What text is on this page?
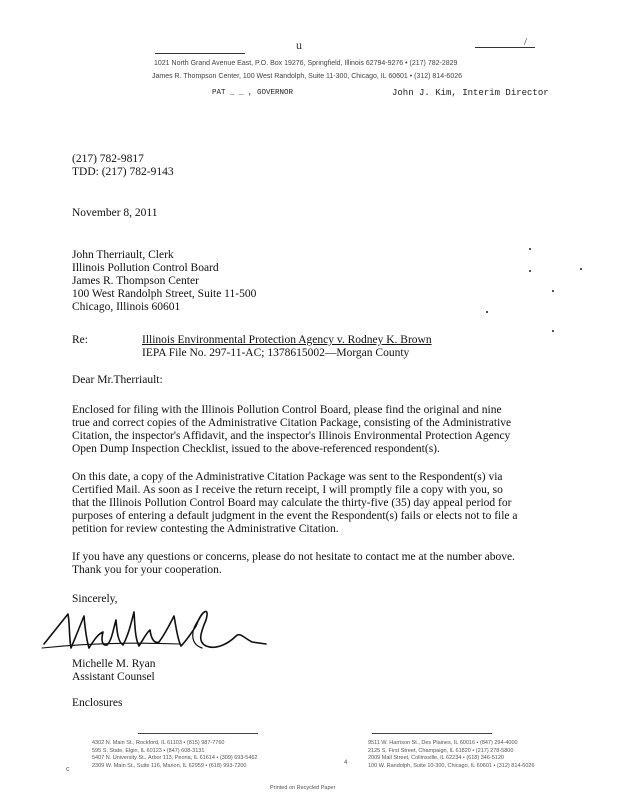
u	/
1021 North Grand Avenue East, P.O. Box 19276, Springfield, Illinois 62794-9276 • (217) 782-2829
James R. Thompson Center, 100 West Randolph, Suite 11-300, Chicago, IL 60601 • (312) 814-6026
PAT _ _ , GOVERNOR	John J. Kim, Interim Director
(217) 782-9817
TDD: (217) 782-9143
November 8, 2011
John Therriault, Clerk
Illinois Pollution Control Board
James R. Thompson Center
100 West Randolph Street, Suite 11-500
Chicago, Illinois 60601
Re:	Illinois Environmental Protection Agency v. Rodney K. Brown
IEPA File No. 297-11-AC; 1378615002—Morgan County
Dear Mr.Therriault:
Enclosed for filing with the Illinois Pollution Control Board, please find the original and nine
true and correct copies of the Administrative Citation Package, consisting of the Administrative
Citation, the inspector's Affidavit, and the inspector's Illinois Environmental Protection Agency
Open Dump Inspection Checklist, issued to the above-referenced respondent(s).
On this date, a copy of the Administrative Citation Package was sent to the Respondent(s) via
Certified Mail. As soon as I receive the return receipt, I will promptly file a copy with you, so
that the Illinois Pollution Control Board may calculate the thirty-five (35) day appeal period for
purposes of entering a default judgment in the event the Respondent(s) fails or elects not to file a
petition for review contesting the Administrative Citation.
If you have any questions or concerns, please do not hesitate to contact me at the number above.
Thank you for your cooperation.
Sincerely,
Michelle M. Ryan
Assistant Counsel
Enclosures
4302 N. Main St., Rockford, IL 61103 • (815) 987-7760
595 S. State, Elgin, IL 60123 • (847) 608-3131
5407 N. University St., Arbor 113, Peoria, IL 61614 • (309) 693-5462
2309 W. Main St., Suite 116, Marion, IL 62959 • (618) 993-7200
9511 W. Harrison St., Des Plaines, IL 60016 • (847) 294-4000
2125 S. First Street, Champaign, IL 61820 • (217) 278-5800
2009 Mall Street, Collinsville, IL 62234 • (618) 346-5120
100 W. Randolph, Suite 10-300, Chicago, IL 60601 • (312) 814-6026
c
4
Printed on Recycled Paper
